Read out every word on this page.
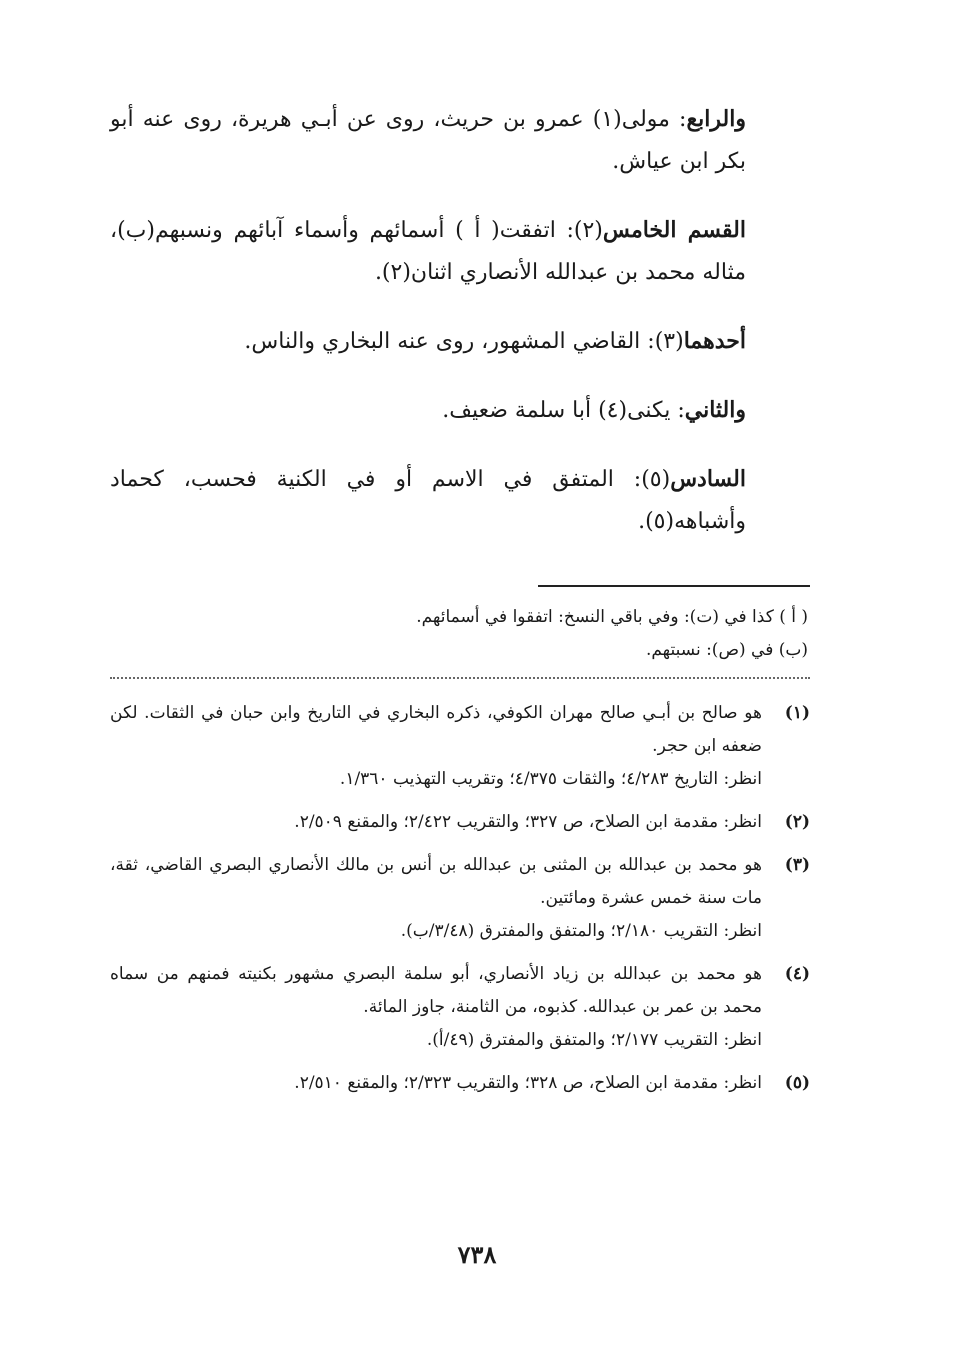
والرابع: مولى(١) عمرو بن حريث، روى عن أبـي هريرة، روى عنه أبو بكر ابن عياش.

القسم الخامس(٢): اتفقت( أ ) أسمائهم وأسماء آبائهم ونسبهم(ب)، مثاله محمد بن عبدالله الأنصاري اثنان(٢).

أحدهما(٣): القاضي المشهور، روى عنه البخاري والناس.

والثاني: يكنى(٤) أبا سلمة ضعيف.

السادس(٥): المتفق في الاسم أو في الكنية فحسب، كحماد وأشباهه(٥).

( أ ) كذا في (ت): وفي باقي النسخ: اتفقوا في أسمائهم.

(ب) في (ص): نسبتهم.

(١)
هو صالح بن أبـي صالح مهران الكوفي، ذكره البخاري في التاريخ وابن حبان في الثقات. لكن ضعفه ابن حجر.
انظر: التاريخ ٤/٢٨٣؛ والثقات ٤/٣٧٥؛ وتقريب التهذيب ١/٣٦٠.
(٢)
انظر: مقدمة ابن الصلاح، ص ٣٢٧؛ والتقريب ٢/٤٢٢؛ والمقنع ٢/٥٠٩.
(٣)
هو محمد بن عبدالله بن المثنى بن عبدالله بن أنس بن مالك الأنصاري البصري القاضي، ثقة، مات سنة خمس عشرة ومائتين.
انظر: التقريب ٢/١٨٠؛ والمتفق والمفترق (٣/٤٨/ب).
(٤)
هو محمد بن عبدالله بن زياد الأنصاري، أبو سلمة البصري مشهور بكنيته فمنهم من سماه محمد بن عمر بن عبدالله. كذبوه، من الثامنة، جاوز المائة.
انظر: التقريب ٢/١٧٧؛ والمتفق والمفترق (٤٩/أ).
(٥)
انظر: مقدمة ابن الصلاح، ص ٣٢٨؛ والتقريب ٢/٣٢٣؛ والمقنع ٢/٥١٠.
٧٣٨
